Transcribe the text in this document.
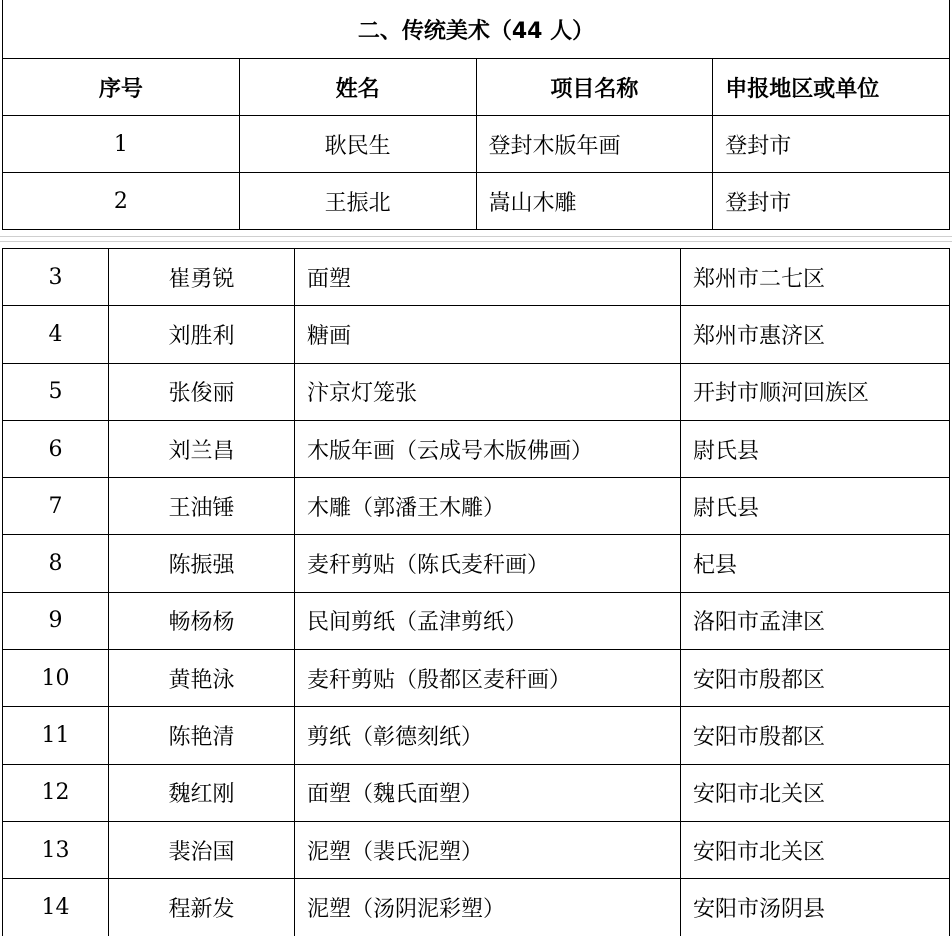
二、传统美术（44 人）			
序号	姓名	项目名称	申报地区或单位
1	耿民生	登封木版年画	登封市
2	王振北	嵩山木雕	登封市
3	崔勇锐	面塑	郑州市二七区
4	刘胜利	糖画	郑州市惠济区
5	张俊丽	汴京灯笼张	开封市顺河回族区
6	刘兰昌	木版年画（云成号木版佛画）	尉氏县
7	王油锤	木雕（郭潘王木雕）	尉氏县
8	陈振强	麦秆剪贴（陈氏麦秆画）	杞县
9	畅杨杨	民间剪纸（孟津剪纸）	洛阳市孟津区
10	黄艳泳	麦秆剪贴（殷都区麦秆画）	安阳市殷都区
11	陈艳清	剪纸（彰德刻纸）	安阳市殷都区
12	魏红刚	面塑（魏氏面塑）	安阳市北关区
13	裴治国	泥塑（裴氏泥塑）	安阳市北关区
14	程新发	泥塑（汤阴泥彩塑）	安阳市汤阴县
